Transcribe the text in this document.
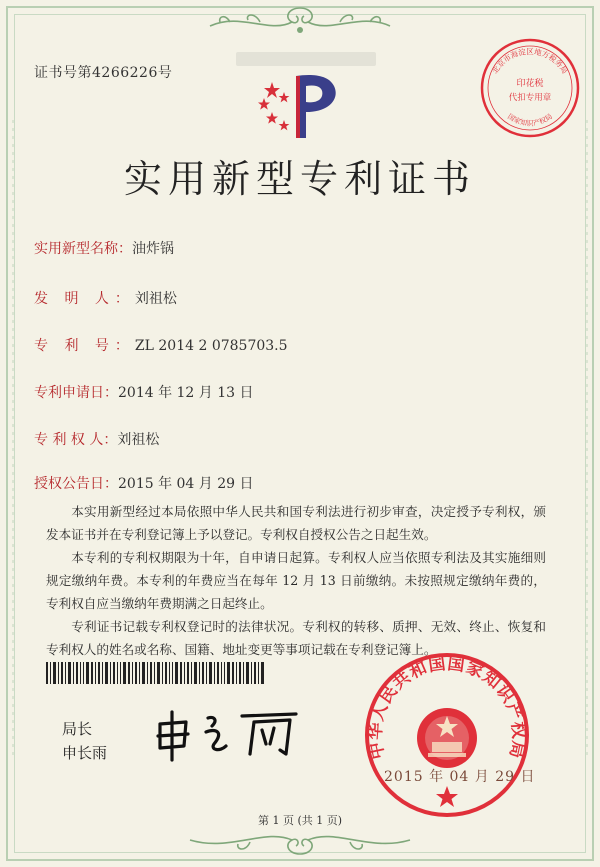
证书号第4266226号	北京市海淀区地方税务局
印花税
代扣专用章
国家知识产权局
实用新型专利证书
实用新型名称：油炸锅
发 明 人：刘祖松
专 利 号：ZL 2014 2 0785703.5
专利申请日：2014 年 12 月 13 日
专 利 权 人：刘祖松
授权公告日：2015 年 04 月 29 日

本实用新型经过本局依照中华人民共和国专利法进行初步审查，决定授予专利权，颁发本证书并在专利登记簿上予以登记。专利权自授权公告之日起生效。

本专利的专利权期限为十年，自申请日起算。专利权人应当依照专利法及其实施细则规定缴纳年费。本专利的年费应当在每年 12 月 13 日前缴纳。未按照规定缴纳年费的，专利权自应当缴纳年费期满之日起终止。

专利证书记载专利权登记时的法律状况。专利权的转移、质押、无效、终止、恢复和专利权人的姓名或名称、国籍、地址变更等事项记载在专利登记簿上。

局长
申长雨	中华人民共和国国家知识产权局
2015 年 04 月 29 日
第 1 页 (共 1 页)
